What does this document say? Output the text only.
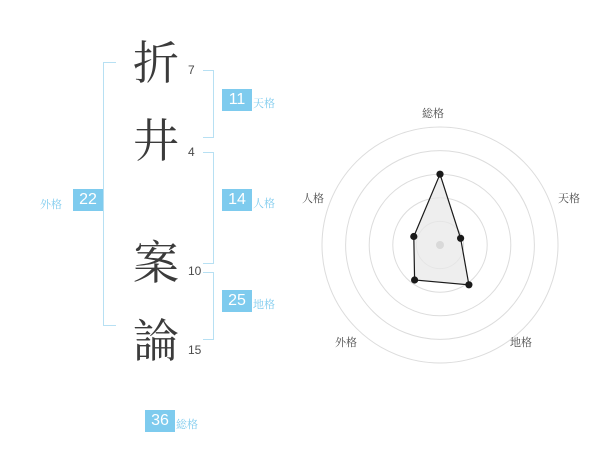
外格	22
折 7
井 4
案 10
論 15
11 天格
14 人格
25 地格
36 総格
総格
天格
地格
外格
人格
